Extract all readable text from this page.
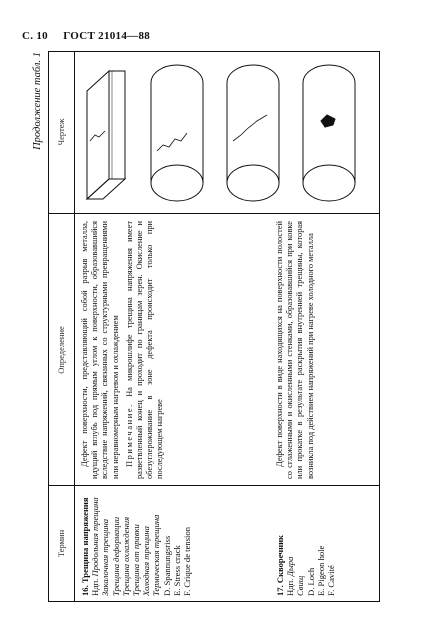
С. 10 ГОСТ 21014—88
Продолжение табл. 1
Термин
Определение
Чертеж
16. Трещина напряжения Ндп. Продольная трещина Закалочная трещина Трещина деформации Трещина охлаждения Трещина от правки Холодная трещина Термическая трещина D. Spannungsriss E. Stress crack F. Crique de tension

Дефект поверхности, представляющий собой разрыв металла, идущий вглубь под прямым углом к поверхности, образовавшийся вследствие напряжений, связанных со структурными превращениями или неравномерным нагревом и охлаждением Примечание. На микрошлифе трещина напряжения имеет разветвленный конец и проходит по границам зерен. Окисление и обезуглероживание в зоне дефекта происходит только при последующем нагреве

17. Скворечник Ндп. Дыра
Свищ D. Loch E. Pigeon hole F. Cavité

Дефект поверхности в виде находящихся на поверхности полостей со сглаженными и окисленными стенками, образовавшийся при ковке или прокатке в результате раскрытия внутренней трещины, которая возникла под действием напряжений при нагреве холодного металла
